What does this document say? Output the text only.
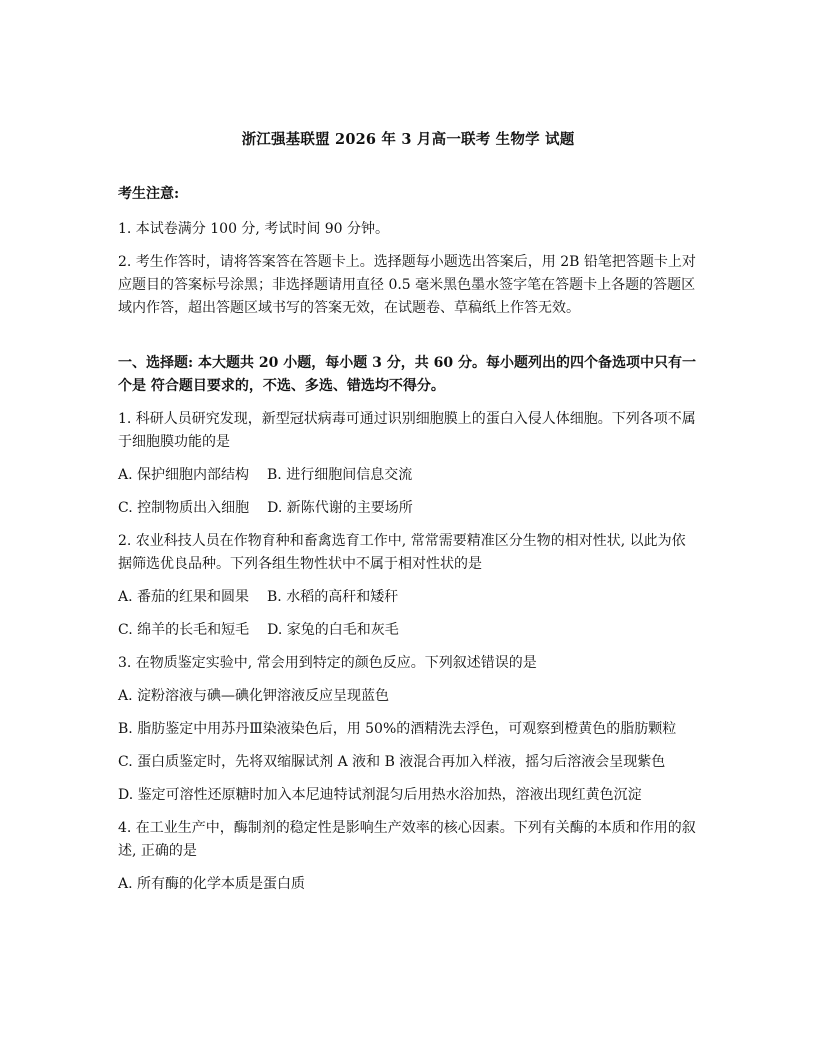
浙江强基联盟 2026 年 3 月高一联考 生物学 试题
考生注意:
1. 本试卷满分 100 分, 考试时间 90 分钟。
2. 考生作答时，请将答案答在答题卡上。选择题每小题选出答案后，用 2B 铅笔把答题卡上对应题目的答案标号涂黑；非选择题请用直径 0.5 毫米黑色墨水签字笔在答题卡上各题的答题区域内作答，超出答题区域书写的答案无效，在试题卷、草稿纸上作答无效。
一、选择题: 本大题共 20 小题，每小题 3 分，共 60 分。每小题列出的四个备选项中只有一个是 符合题目要求的，不选、多选、错选均不得分。
1. 科研人员研究发现，新型冠状病毒可通过识别细胞膜上的蛋白入侵人体细胞。下列各项不属于细胞膜功能的是
A. 保护细胞内部结构 B. 进行细胞间信息交流
C. 控制物质出入细胞 D. 新陈代谢的主要场所
2. 农业科技人员在作物育种和畜禽选育工作中, 常常需要精准区分生物的相对性状, 以此为依据筛选优良品种。下列各组生物性状中不属于相对性状的是
A. 番茄的红果和圆果 B. 水稻的高秆和矮秆
C. 绵羊的长毛和短毛 D. 家兔的白毛和灰毛
3. 在物质鉴定实验中, 常会用到特定的颜色反应。下列叙述错误的是
A. 淀粉溶液与碘—碘化钾溶液反应呈现蓝色
B. 脂肪鉴定中用苏丹Ⅲ染液染色后，用 50%的酒精洗去浮色，可观察到橙黄色的脂肪颗粒
C. 蛋白质鉴定时，先将双缩脲试剂 A 液和 B 液混合再加入样液，摇匀后溶液会呈现紫色
D. 鉴定可溶性还原糖时加入本尼迪特试剂混匀后用热水浴加热，溶液出现红黄色沉淀
4. 在工业生产中，酶制剂的稳定性是影响生产效率的核心因素。下列有关酶的本质和作用的叙述, 正确的是
A. 所有酶的化学本质是蛋白质
